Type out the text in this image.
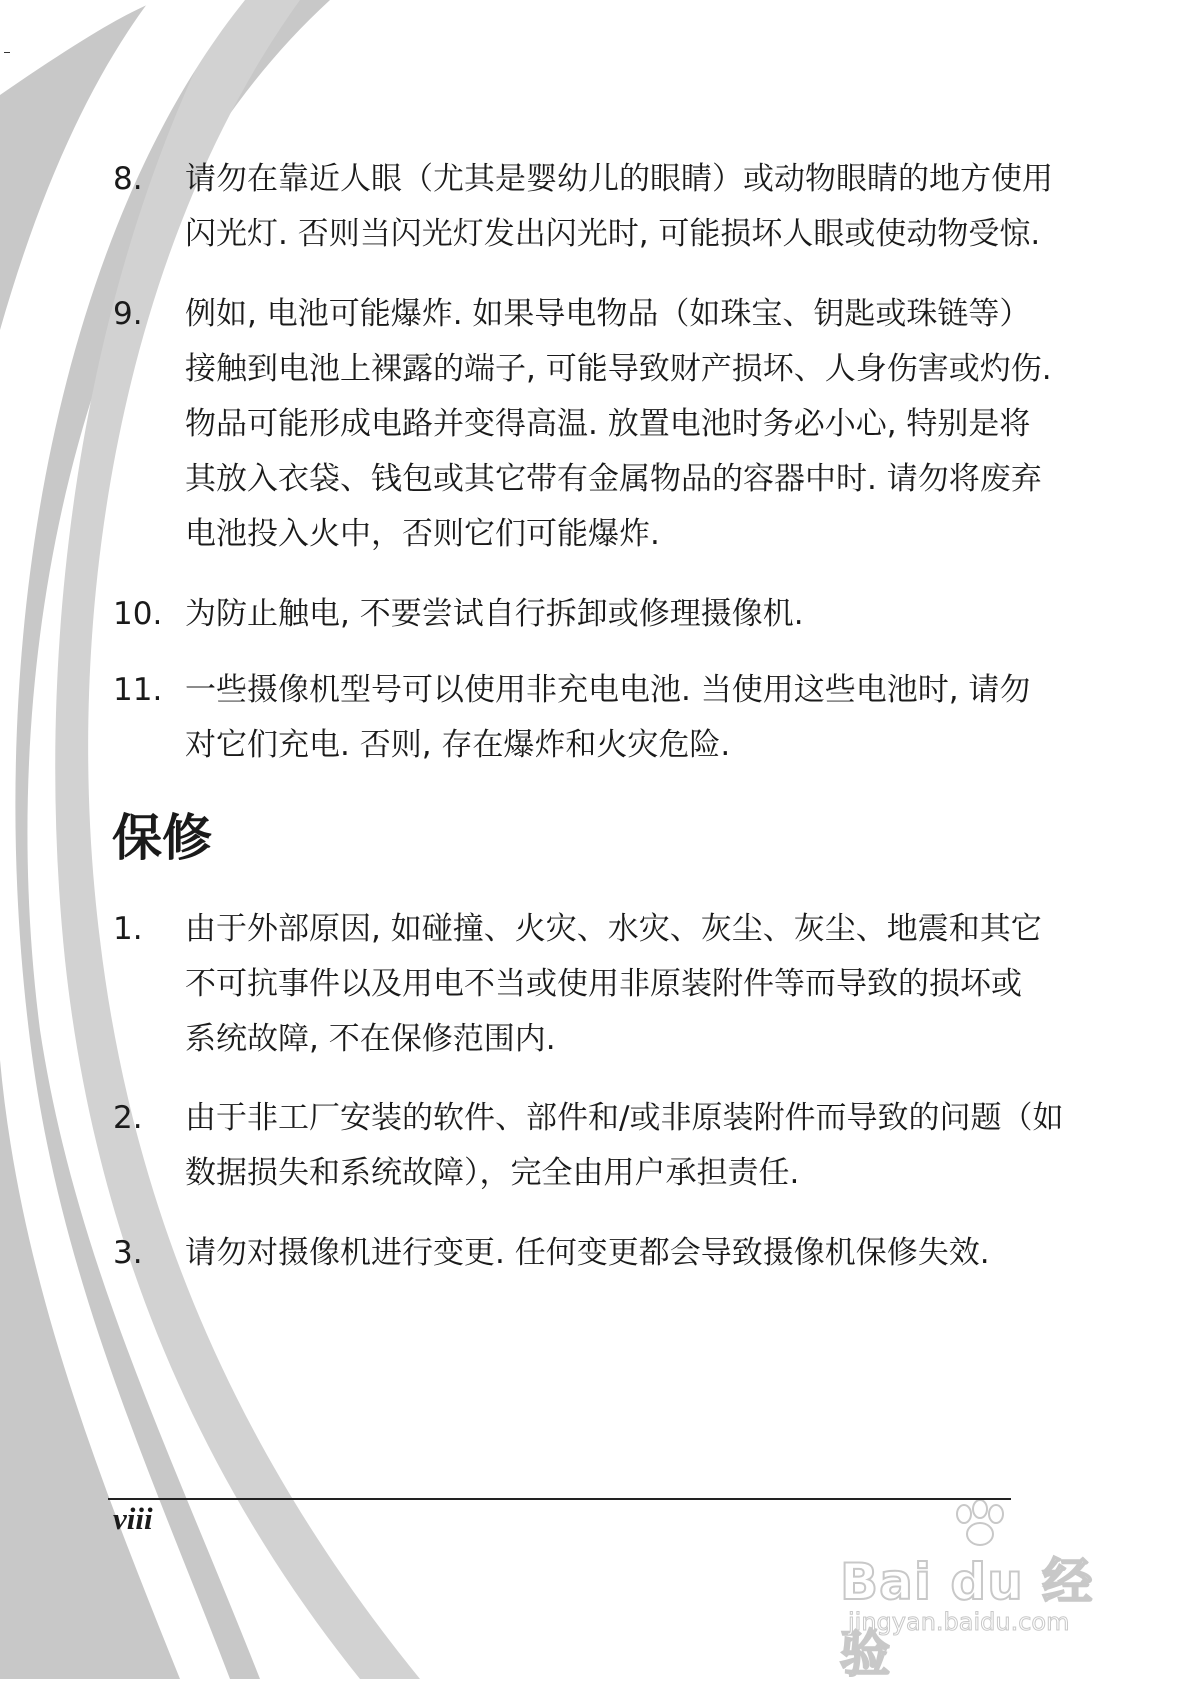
8. 请勿在靠近人眼（尤其是婴幼儿的眼睛）或动物眼睛的地方使用
闪光灯. 否则当闪光灯发出闪光时, 可能损坏人眼或使动物受惊.

9. 例如, 电池可能爆炸. 如果导电物品（如珠宝、钥匙或珠链等）
接触到电池上裸露的端子, 可能导致财产损坏、人身伤害或灼伤.
物品可能形成电路并变得高温. 放置电池时务必小心, 特别是将
其放入衣袋、钱包或其它带有金属物品的容器中时. 请勿将废弃
电池投入火中，否则它们可能爆炸.

10. 为防止触电, 不要尝试自行拆卸或修理摄像机.

11. 一些摄像机型号可以使用非充电电池. 当使用这些电池时, 请勿
对它们充电. 否则, 存在爆炸和火灾危险.

保修
1. 由于外部原因, 如碰撞、火灾、水灾、灰尘、灰尘、地震和其它
不可抗事件以及用电不当或使用非原装附件等而导致的损坏或
系统故障, 不在保修范围内.

2. 由于非工厂安装的软件、部件和/或非原装附件而导致的问题（如
数据损失和系统故障），完全由用户承担责任.

3. 请勿对摄像机进行变更. 任何变更都会导致摄像机保修失效.

viii
Bai du 经验
jingyan.baidu.com
